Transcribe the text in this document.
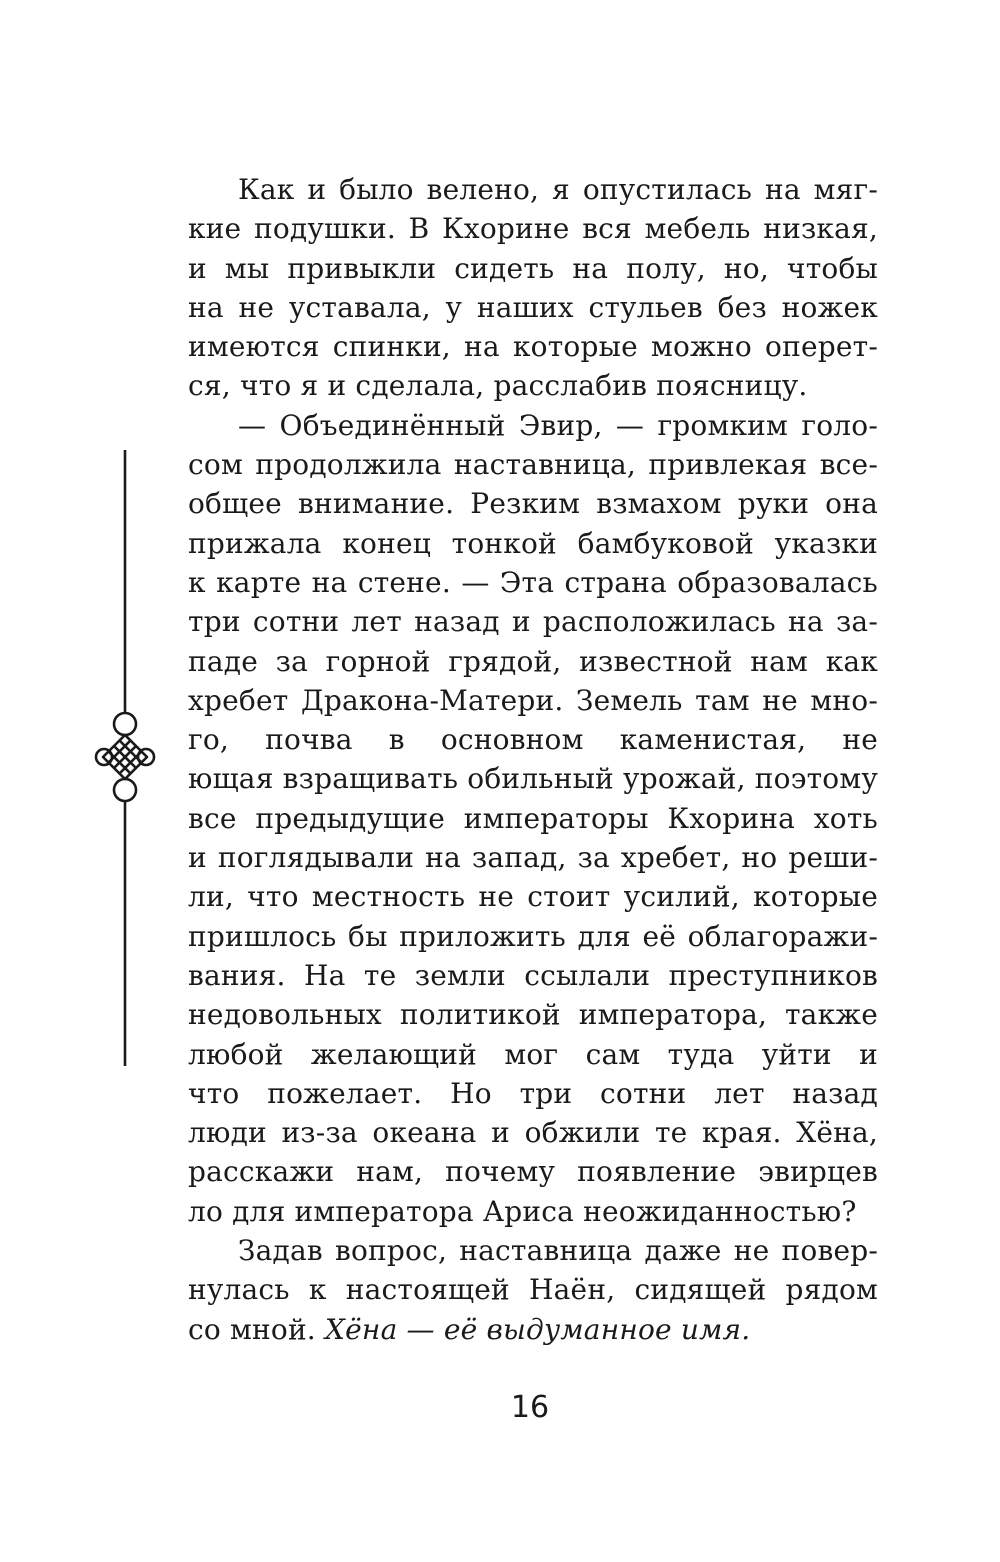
Как и было велено, я опустилась на мяг-
кие подушки. В Кхорине вся мебель низкая,
и мы привыкли сидеть на полу, но, чтобы
на не уставала, у наших стульев без ножек
имеются спинки, на которые можно оперет-
ся, что я и сделала, расслабив поясницу.
— Объединённый Эвир, — громким голо-
сом продолжила наставница, привлекая все-
общее внимание. Резким взмахом руки она
прижала конец тонкой бамбуковой указки
к карте на стене. — Эта страна образовалась
три сотни лет назад и расположилась на за-
паде за горной грядой, известной нам как
хребет Дракона-Матери. Земель там не мно-
го, почва в основном каменистая, не
ющая взращивать обильный урожай, поэтому
все предыдущие императоры Кхорина хоть
и поглядывали на запад, за хребет, но реши-
ли, что местность не стоит усилий, которые
пришлось бы приложить для её облагоражи-
вания. На те земли ссылали преступников
недовольных политикой императора, также
любой желающий мог сам туда уйти и
что пожелает. Но три сотни лет назад
люди из-за океана и обжили те края. Хёна,
расскажи нам, почему появление эвирцев
ло для императора Ариса неожиданностью?
Задав вопрос, наставница даже не повер-
нулась к настоящей Наён, сидящей рядом
со мной. Хёна — её выдуманное имя.
16
